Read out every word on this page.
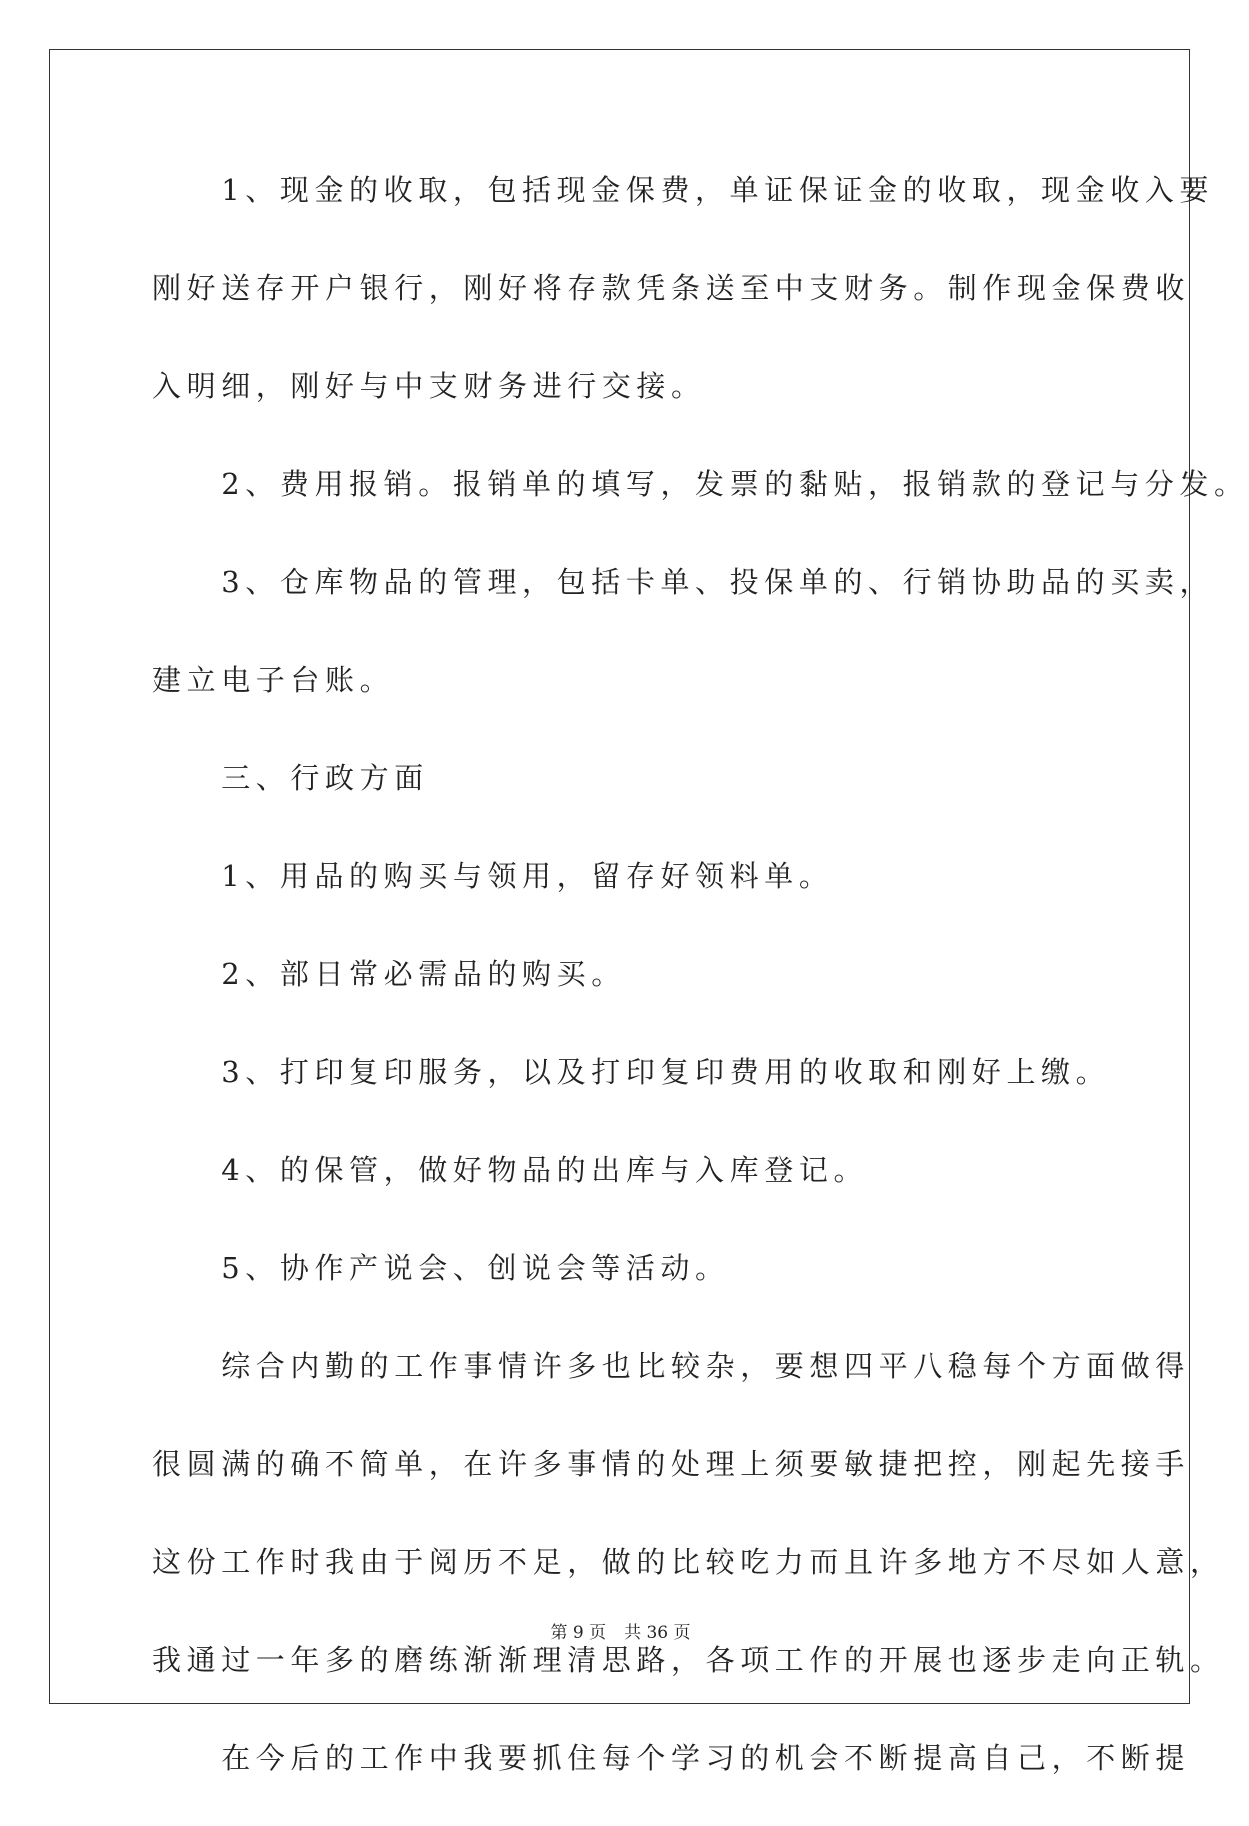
　　1、现金的收取，包括现金保费，单证保证金的收取，现金收入要
刚好送存开户银行，刚好将存款凭条送至中支财务。制作现金保费收
入明细，刚好与中支财务进行交接。
　　2、费用报销。报销单的填写，发票的黏贴，报销款的登记与分发。
　　3、仓库物品的管理，包括卡单、投保单的、行销协助品的买卖，
建立电子台账。
　　三、行政方面
　　1、用品的购买与领用，留存好领料单。
　　2、部日常必需品的购买。
　　3、打印复印服务，以及打印复印费用的收取和刚好上缴。
　　4、的保管，做好物品的出库与入库登记。
　　5、协作产说会、创说会等活动。
　　综合内勤的工作事情许多也比较杂，要想四平八稳每个方面做得
很圆满的确不简单，在许多事情的处理上须要敏捷把控，刚起先接手
这份工作时我由于阅历不足，做的比较吃力而且许多地方不尽如人意，
我通过一年多的磨练渐渐理清思路，各项工作的开展也逐步走向正轨。
　　在今后的工作中我要抓住每个学习的机会不断提高自己，不断提
第 9 页 共 36 页
